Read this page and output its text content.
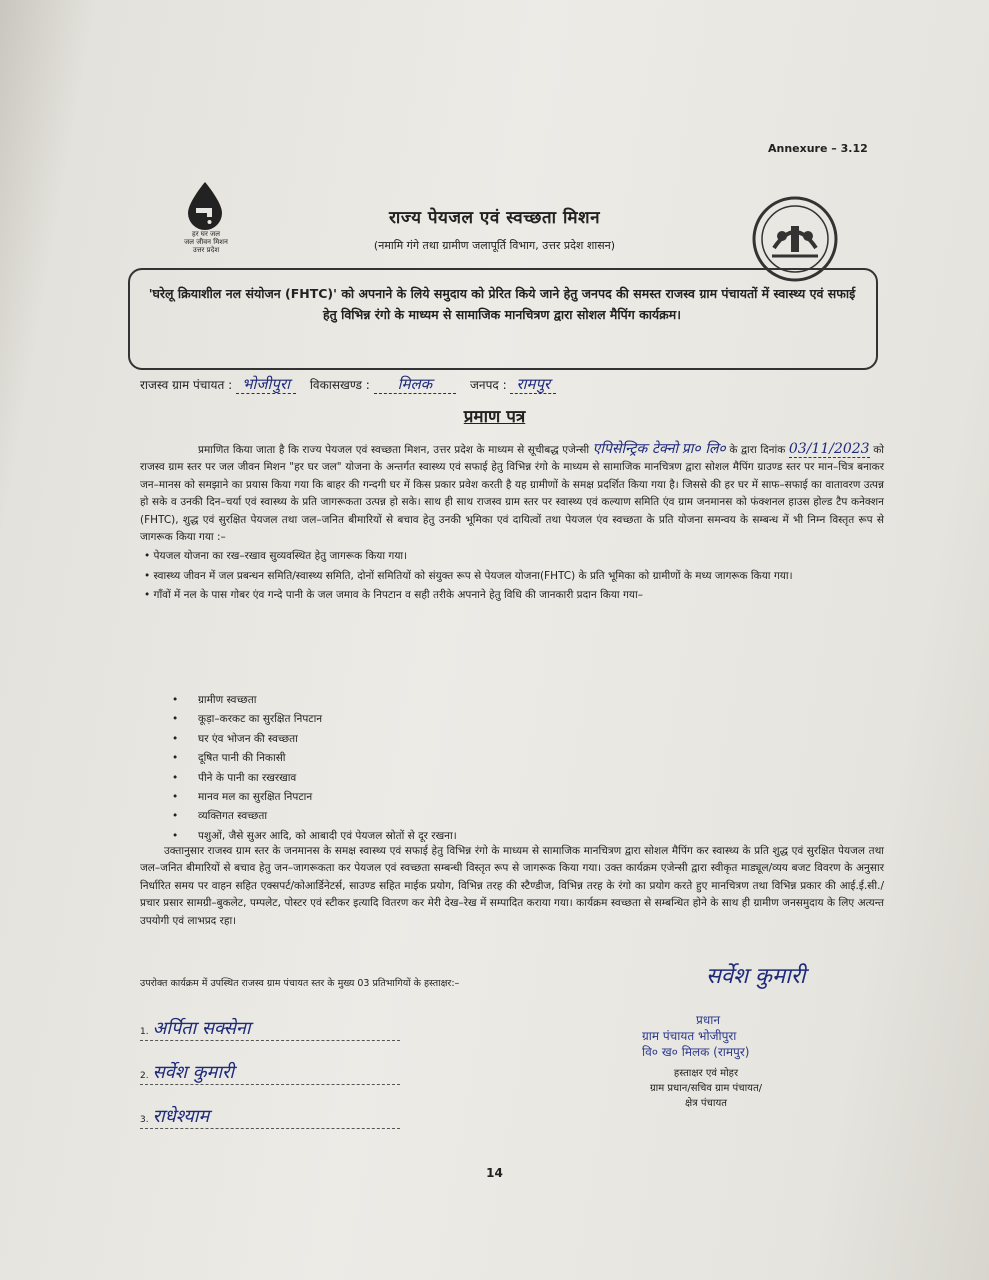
Annexure – 3.12
हर घर जल
जल जीवन मिशन
उत्तर प्रदेश
राज्य पेयजल एवं स्वच्छता मिशन
(नमामि गंगे तथा ग्रामीण जलापूर्ति विभाग, उत्तर प्रदेश शासन)
'घरेलू क्रियाशील नल संयोजन (FHTC)' को अपनाने के लिये समुदाय को प्रेरित किये जाने हेतु जनपद की समस्त राजस्व ग्राम पंचायतों में स्वास्थ्य एवं सफाई हेतु विभिन्न रंगो के माध्यम से सामाजिक मानचित्रण द्वारा सोशल मैपिंग कार्यक्रम।
राजस्व ग्राम पंचायत : भोजीपुरा विकासखण्ड : मिलक	जनपद : रामपुर
प्रमाण पत्र

प्रमाणित किया जाता है कि राज्य पेयजल एवं स्वच्छता मिशन, उत्तर प्रदेश के माध्यम से सूचीबद्ध एजेन्सी एपिसेन्ट्रिक टेक्नो प्रा० लि० के द्वारा दिनांक 03/11/2023 को राजस्व ग्राम स्तर पर जल जीवन मिशन "हर घर जल" योजना के अन्तर्गत स्वास्थ्य एवं सफाई हेतु विभिन्न रंगो के माध्यम से सामाजिक मानचित्रण द्वारा सोशल मैपिंग ग्राउण्ड स्तर पर मान–चित्र बनाकर जन–मानस को समझाने का प्रयास किया गया कि बाहर की गन्दगी घर में किस प्रकार प्रवेश करती है यह ग्रामीणों के समक्ष प्रदर्शित किया गया है। जिससे की हर घर में साफ–सफाई का वातावरण उत्पन्न हो सके व उनकी दिन–चर्या एवं स्वास्थ्य के प्रति जागरूकता उत्पन्न हो सके। साथ ही साथ राजस्व ग्राम स्तर पर स्वास्थ्य एवं कल्याण समिति एंव ग्राम जनमानस को फंक्शनल हाउस होल्ड टैप कनेक्शन (FHTC), शुद्ध एवं सुरक्षित पेयजल तथा जल–जनित बीमारियों से बचाव हेतु उनकी भूमिका एवं दायित्वों तथा पेयजल एंव स्वच्छता के प्रति योजना समन्वय के सम्बन्ध में भी निम्न विस्तृत रूप से जागरूक किया गया :–

• पेयजल योजना का रख–रखाव सुव्यवस्थित हेतु जागरूक किया गया।

• स्वास्थ्य जीवन में जल प्रबन्धन समिति/स्वास्थ्य समिति, दोनों समितियों को संयुक्त रूप से पेयजल योजना(FHTC) के प्रति भूमिका को ग्रामीणों के मध्य जागरूक किया गया।

• गाँवों में नल के पास गोबर एंव गन्दे पानी के जल जमाव के निपटान व सही तरीके अपनाने हेतु विधि की जानकारी प्रदान किया गया–

• ग्रामीण स्वच्छता
• कूड़ा–करकट का सुरक्षित निपटान
• घर एंव भोजन की स्वच्छता
• दूषित पानी की निकासी
• पीने के पानी का रखरखाव
• मानव मल का सुरक्षित निपटान
• व्यक्तिगत स्वच्छता
• पशुओं, जैसे सुअर आदि, को आबादी एवं पेयजल स्रोतों से दूर रखना।
उक्तानुसार राजस्व ग्राम स्तर के जनमानस के समक्ष स्वास्थ्य एवं सफाई हेतु विभिन्न रंगो के माध्यम से सामाजिक मानचित्रण द्वारा सोशल मैपिंग कर स्वास्थ्य के प्रति शुद्ध एवं सुरक्षित पेयजल तथा जल–जनित बीमारियों से बचाव हेतु जन–जागरूकता कर पेयजल एवं स्वच्छता सम्बन्धी विस्तृत रूप से जागरूक किया गया। उक्त कार्यक्रम एजेन्सी द्वारा स्वीकृत माड्यूल/व्यय बजट विवरण के अनुसार निर्धारित समय पर वाहन सहित एक्सपर्ट/कोआर्डिनेटर्स, साउण्ड सहित माईक प्रयोग, विभिन्न तरह की स्टैण्डीज, विभिन्न तरह के रंगो का प्रयोग करते हुए मानचित्रण तथा विभिन्न प्रकार की आई.ई.सी./प्रचार प्रसार सामग्री–बुकलेट, पम्पलेट, पोस्टर एवं स्टीकर इत्यादि वितरण कर मेरी देख–रेख में सम्पादित कराया गया। कार्यक्रम स्वच्छता से सम्बन्धित होने के साथ ही ग्रामीण जनसमुदाय के लिए अत्यन्त उपयोगी एवं लाभप्रद रहा।
उपरोक्त कार्यक्रम में उपस्थित राजस्व ग्राम पंचायत स्तर के मुख्य 03 प्रतिभागियों के हस्ताक्षर:–
1. अर्पिता सक्सेना
2. सर्वेश कुमारी
3. राधेश्याम
सर्वेश कुमारी
प्रधान
ग्राम पंचायत भोजीपुरा
वि० ख० मिलक (रामपुर)
हस्ताक्षर एवं मोहर
ग्राम प्रधान/सचिव ग्राम पंचायत/
क्षेत्र पंचायत
14
